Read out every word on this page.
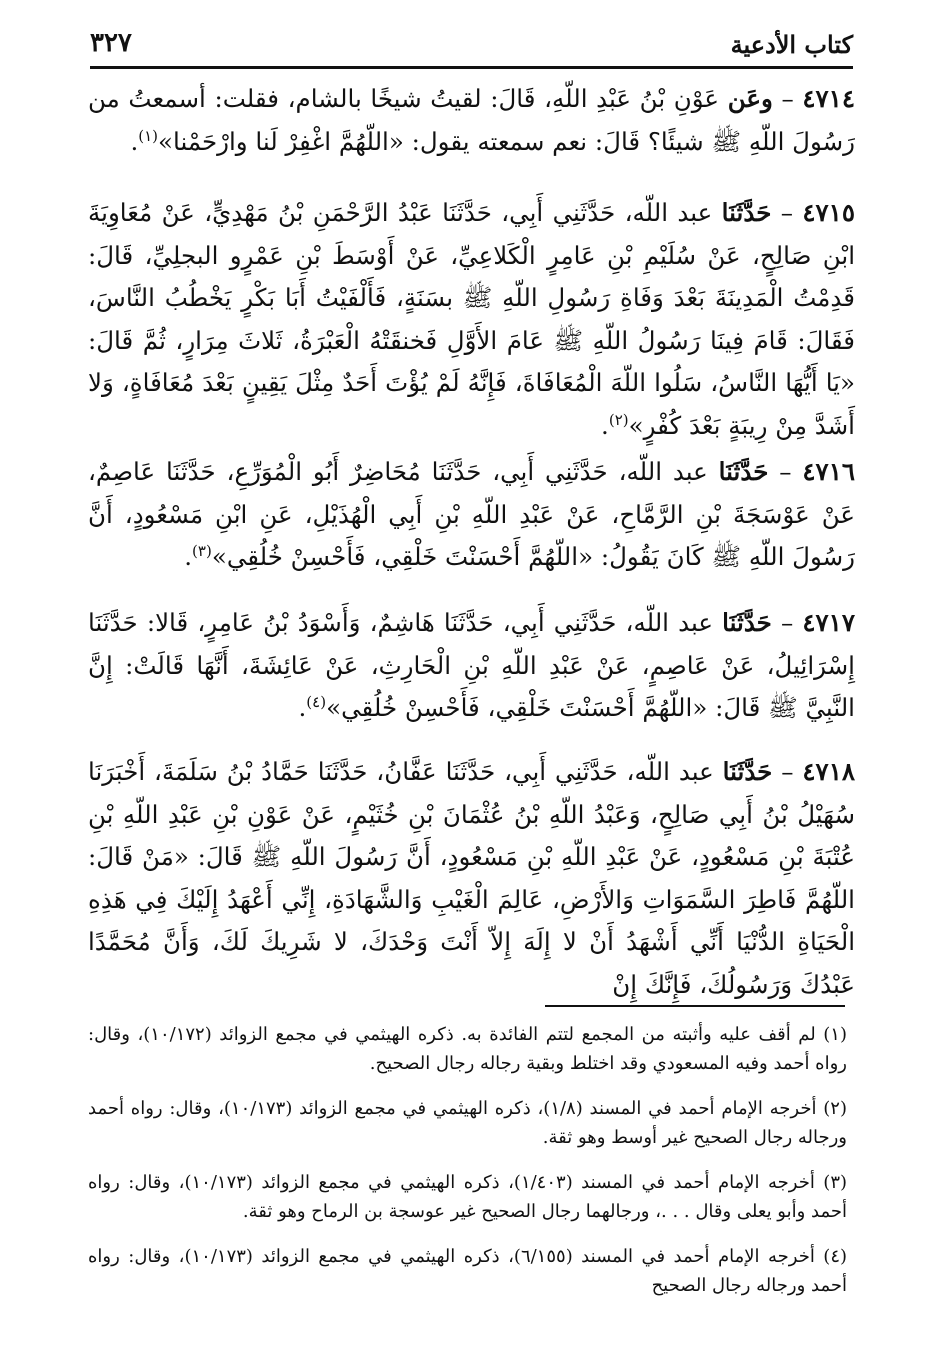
كتاب الأدعية
٣٢٧
٤٧١٤ – وعَن عَوْنِ بْنُ عَبْدِ اللّهِ، قَالَ: لقيتُ شيخًا بالشام، فقلت: أسمعتُ من رَسُولَ اللّهِ ﷺ شيئًا؟ قَالَ: نعم سمعته يقول: «اللّهُمَّ اغْفِرْ لَنا وارْحَمْنا»$^{(١)}$.
٤٧١٥ – حَدَّثَنَا عبد اللّه، حَدَّثَنِي أَبِي، حَدَّثَنَا عَبْدُ الرَّحْمَنِ بْنُ مَهْدِيٍّ، عَنْ مُعَاوِيَةَ ابْنِ صَالِحٍ، عَنْ سُلَيْمِ بْنِ عَامِرٍ الْكَلاعِيِّ، عَنْ أَوْسَطَ بْنِ عَمْرٍو البجلِيِّ، قَالَ: قَدِمْتُ الْمَدِينَةَ بَعْدَ وَفَاةِ رَسُولِ اللّهِ ﷺ بسَنَةٍ، فَأَلْفَيْتُ أَبَا بَكْرٍ يَخْطُبُ النَّاسَ، فَقَالَ: قَامَ فِينَا رَسُولُ اللّهِ ﷺ عَامَ الأَوَّلِ فَخنقَتْهُ الْعَبْرَةُ، ثَلاثَ مِرَارٍ، ثُمَّ قَالَ: «يَا أَيُّهَا النَّاسُ، سَلُوا اللّهَ الْمُعَافَاةَ، فَإِنَّهُ لَمْ يُؤْتَ أَحَدٌ مِثْلَ يَقِينٍ بَعْدَ مُعَافَاةٍ، وَلا أَشَدَّ مِنْ رِيبَةٍ بَعْدَ كُفْرٍ»$^{(٢)}$.
٤٧١٦ – حَدَّثَنَا عبد اللّه، حَدَّثَنِي أَبِي، حَدَّثَنَا مُحَاضِرٌ أَبُو الْمُوَرِّعِ، حَدَّثَنَا عَاصِمٌ، عَنْ عَوْسَجَةَ بْنِ الرَّمَّاحِ، عَنْ عَبْدِ اللّهِ بْنِ أَبِي الْهُذَيْلِ، عَنِ ابْنِ مَسْعُودٍ، أَنَّ رَسُولَ اللّهِ ﷺ كَانَ يَقُولُ: «اللّهُمَّ أَحْسَنْتَ خَلْقِي، فَأَحْسِنْ خُلُقِي»$^{(٣)}$.
٤٧١٧ – حَدَّثَنَا عبد اللّه، حَدَّثَنِي أَبِي، حَدَّثَنَا هَاشِمٌ، وَأَسْوَدُ بْنُ عَامِرٍ، قَالا: حَدَّثَنَا إِسْرَائِيلُ، عَنْ عَاصِمٍ، عَنْ عَبْدِ اللّهِ بْنِ الْحَارِثِ، عَنْ عَائِشَةَ، أَنَّهَا قَالَتْ: إِنَّ النَّبِيَّ ﷺ قَالَ: «اللّهُمَّ أَحْسَنْتَ خَلْقِي، فَأَحْسِنْ خُلُقِي»$^{(٤)}$.
٤٧١٨ – حَدَّثَنَا عبد اللّه، حَدَّثَنِي أَبِي، حَدَّثَنَا عَفَّانُ، حَدَّثَنَا حَمَّادُ بْنُ سَلَمَةَ، أَخْبَرَنَا سُهَيْلُ بْنُ أَبِي صَالِحٍ، وَعَبْدُ اللّهِ بْنُ عُثْمَانَ بْنِ خُثَيْمٍ، عَنْ عَوْنِ بْنِ عَبْدِ اللّهِ بْنِ عُتْبَةَ بْنِ مَسْعُودٍ، عَنْ عَبْدِ اللّهِ بْنِ مَسْعُودٍ، أَنَّ رَسُولَ اللّهِ ﷺ قَالَ: «مَنْ قَالَ: اللّهُمَّ فَاطِرَ السَّمَوَاتِ وَالأَرْضِ، عَالِمَ الْغَيْبِ وَالشَّهَادَةِ، إِنِّي أَعْهَدُ إِلَيْكَ فِي هَذِهِ الْحَيَاةِ الدُّنْيَا أَنِّي أَشْهَدُ أَنْ لا إِلَهَ إِلاّ أَنْتَ وَحْدَكَ، لا شَرِيكَ لَكَ، وَأَنَّ مُحَمَّدًا عَبْدُكَ وَرَسُولُكَ، فَإِنَّكَ إِنْ
(١) لم أقف عليه وأثبته من المجمع لتتم الفائدة به. ذكره الهيثمي في مجمع الزوائد (١٠/١٧٢)، وقال: رواه أحمد وفيه المسعودي وقد اختلط وبقية رجاله رجال الصحيح.
(٢) أخرجه الإمام أحمد في المسند (١/٨)، ذكره الهيثمي في مجمع الزوائد (١٠/١٧٣)، وقال: رواه أحمد ورجاله رجال الصحيح غير أوسط وهو ثقة.
(٣) أخرجه الإمام أحمد في المسند (١/٤٠٣)، ذكره الهيثمي في مجمع الزوائد (١٠/١٧٣)، وقال: رواه أحمد وأبو يعلى وقال . . .، ورجالهما رجال الصحيح غير عوسجة بن الرماح وهو ثقة.
(٤) أخرجه الإمام أحمد في المسند (٦/١٥٥)، ذكره الهيثمي في مجمع الزوائد (١٠/١٧٣)، وقال: رواه أحمد ورجاله رجال الصحيح
